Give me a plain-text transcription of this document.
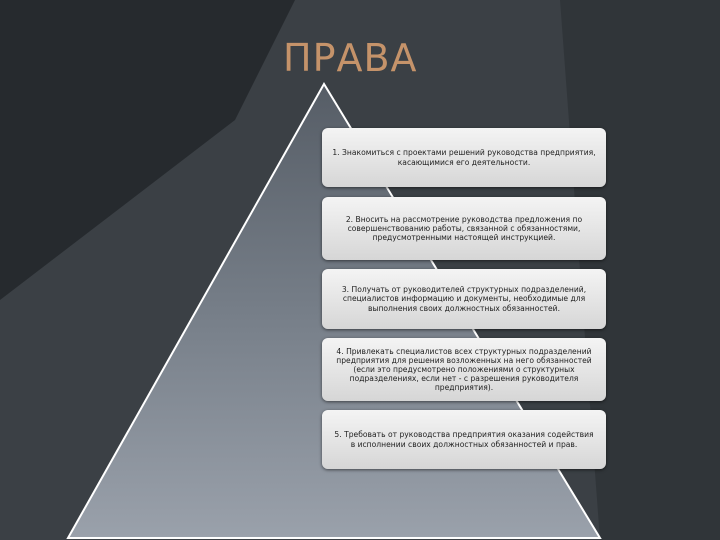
ПРАВА
1. Знакомиться с проектами решений руководства предприятия, касающимися его деятельности.
2. Вносить на рассмотрение руководства предложения по совершенствованию работы, связанной с обязанностями, предусмотренными настоящей инструкцией.
3. Получать от руководителей структурных подразделений, специалистов информацию и документы, необходимые для выполнения своих должностных обязанностей.
4. Привлекать специалистов всех структурных подразделений предприятия для решения возложенных на него обязанностей (если это предусмотрено положениями о структурных подразделениях, если нет - с разрешения руководителя предприятия).
5. Требовать от руководства предприятия оказания содействия в исполнении своих должностных обязанностей и прав.
